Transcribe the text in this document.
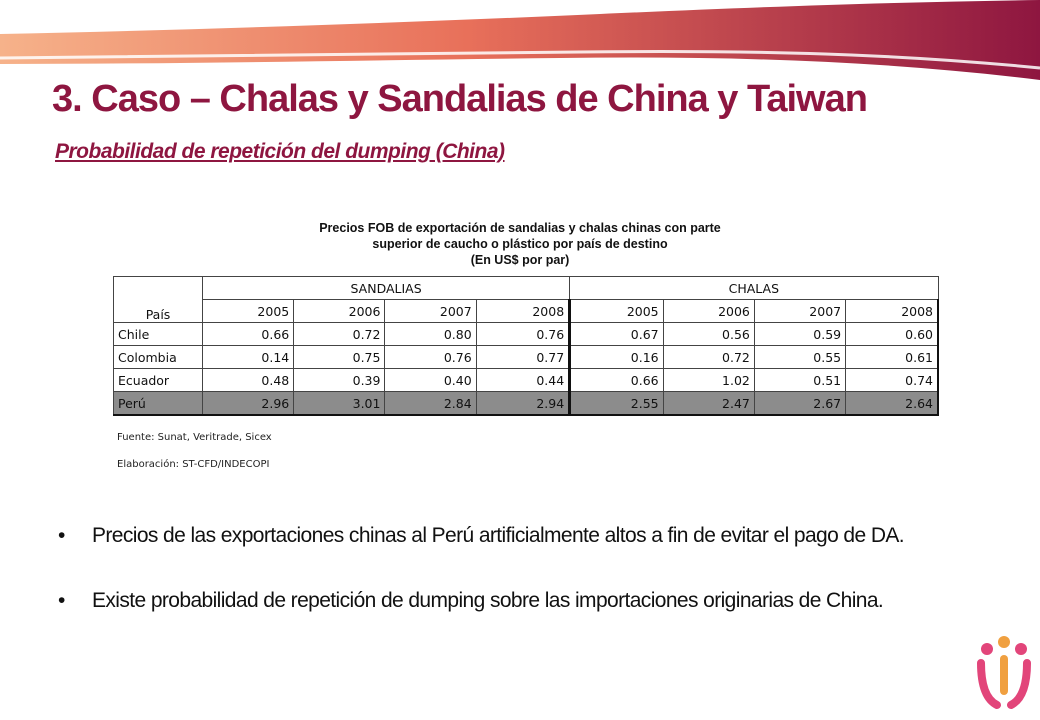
3. Caso – Chalas y Sandalias de China y Taiwan
Probabilidad de repetición del dumping (China)
Precios FOB de exportación de sandalias y chalas chinas con parte
superior de caucho o plástico por país de destino
(En US$ por par)
País	SANDALIAS				CHALAS			
	2005	2006	2007	2008	2005	2006	2007	2008
Chile	0.66	0.72	0.80	0.76	0.67	0.56	0.59	0.60
Colombia	0.14	0.75	0.76	0.77	0.16	0.72	0.55	0.61
Ecuador	0.48	0.39	0.40	0.44	0.66	1.02	0.51	0.74
Perú	2.96	3.01	2.84	2.94	2.55	2.47	2.67	2.64
Fuente: Sunat, Veritrade, Sicex
Elaboración: ST-CFD/INDECOPI
• Precios de las exportaciones chinas al Perú artificialmente altos a fin de evitar el pago de DA.
• Existe probabilidad de repetición de dumping sobre las importaciones originarias de China.
